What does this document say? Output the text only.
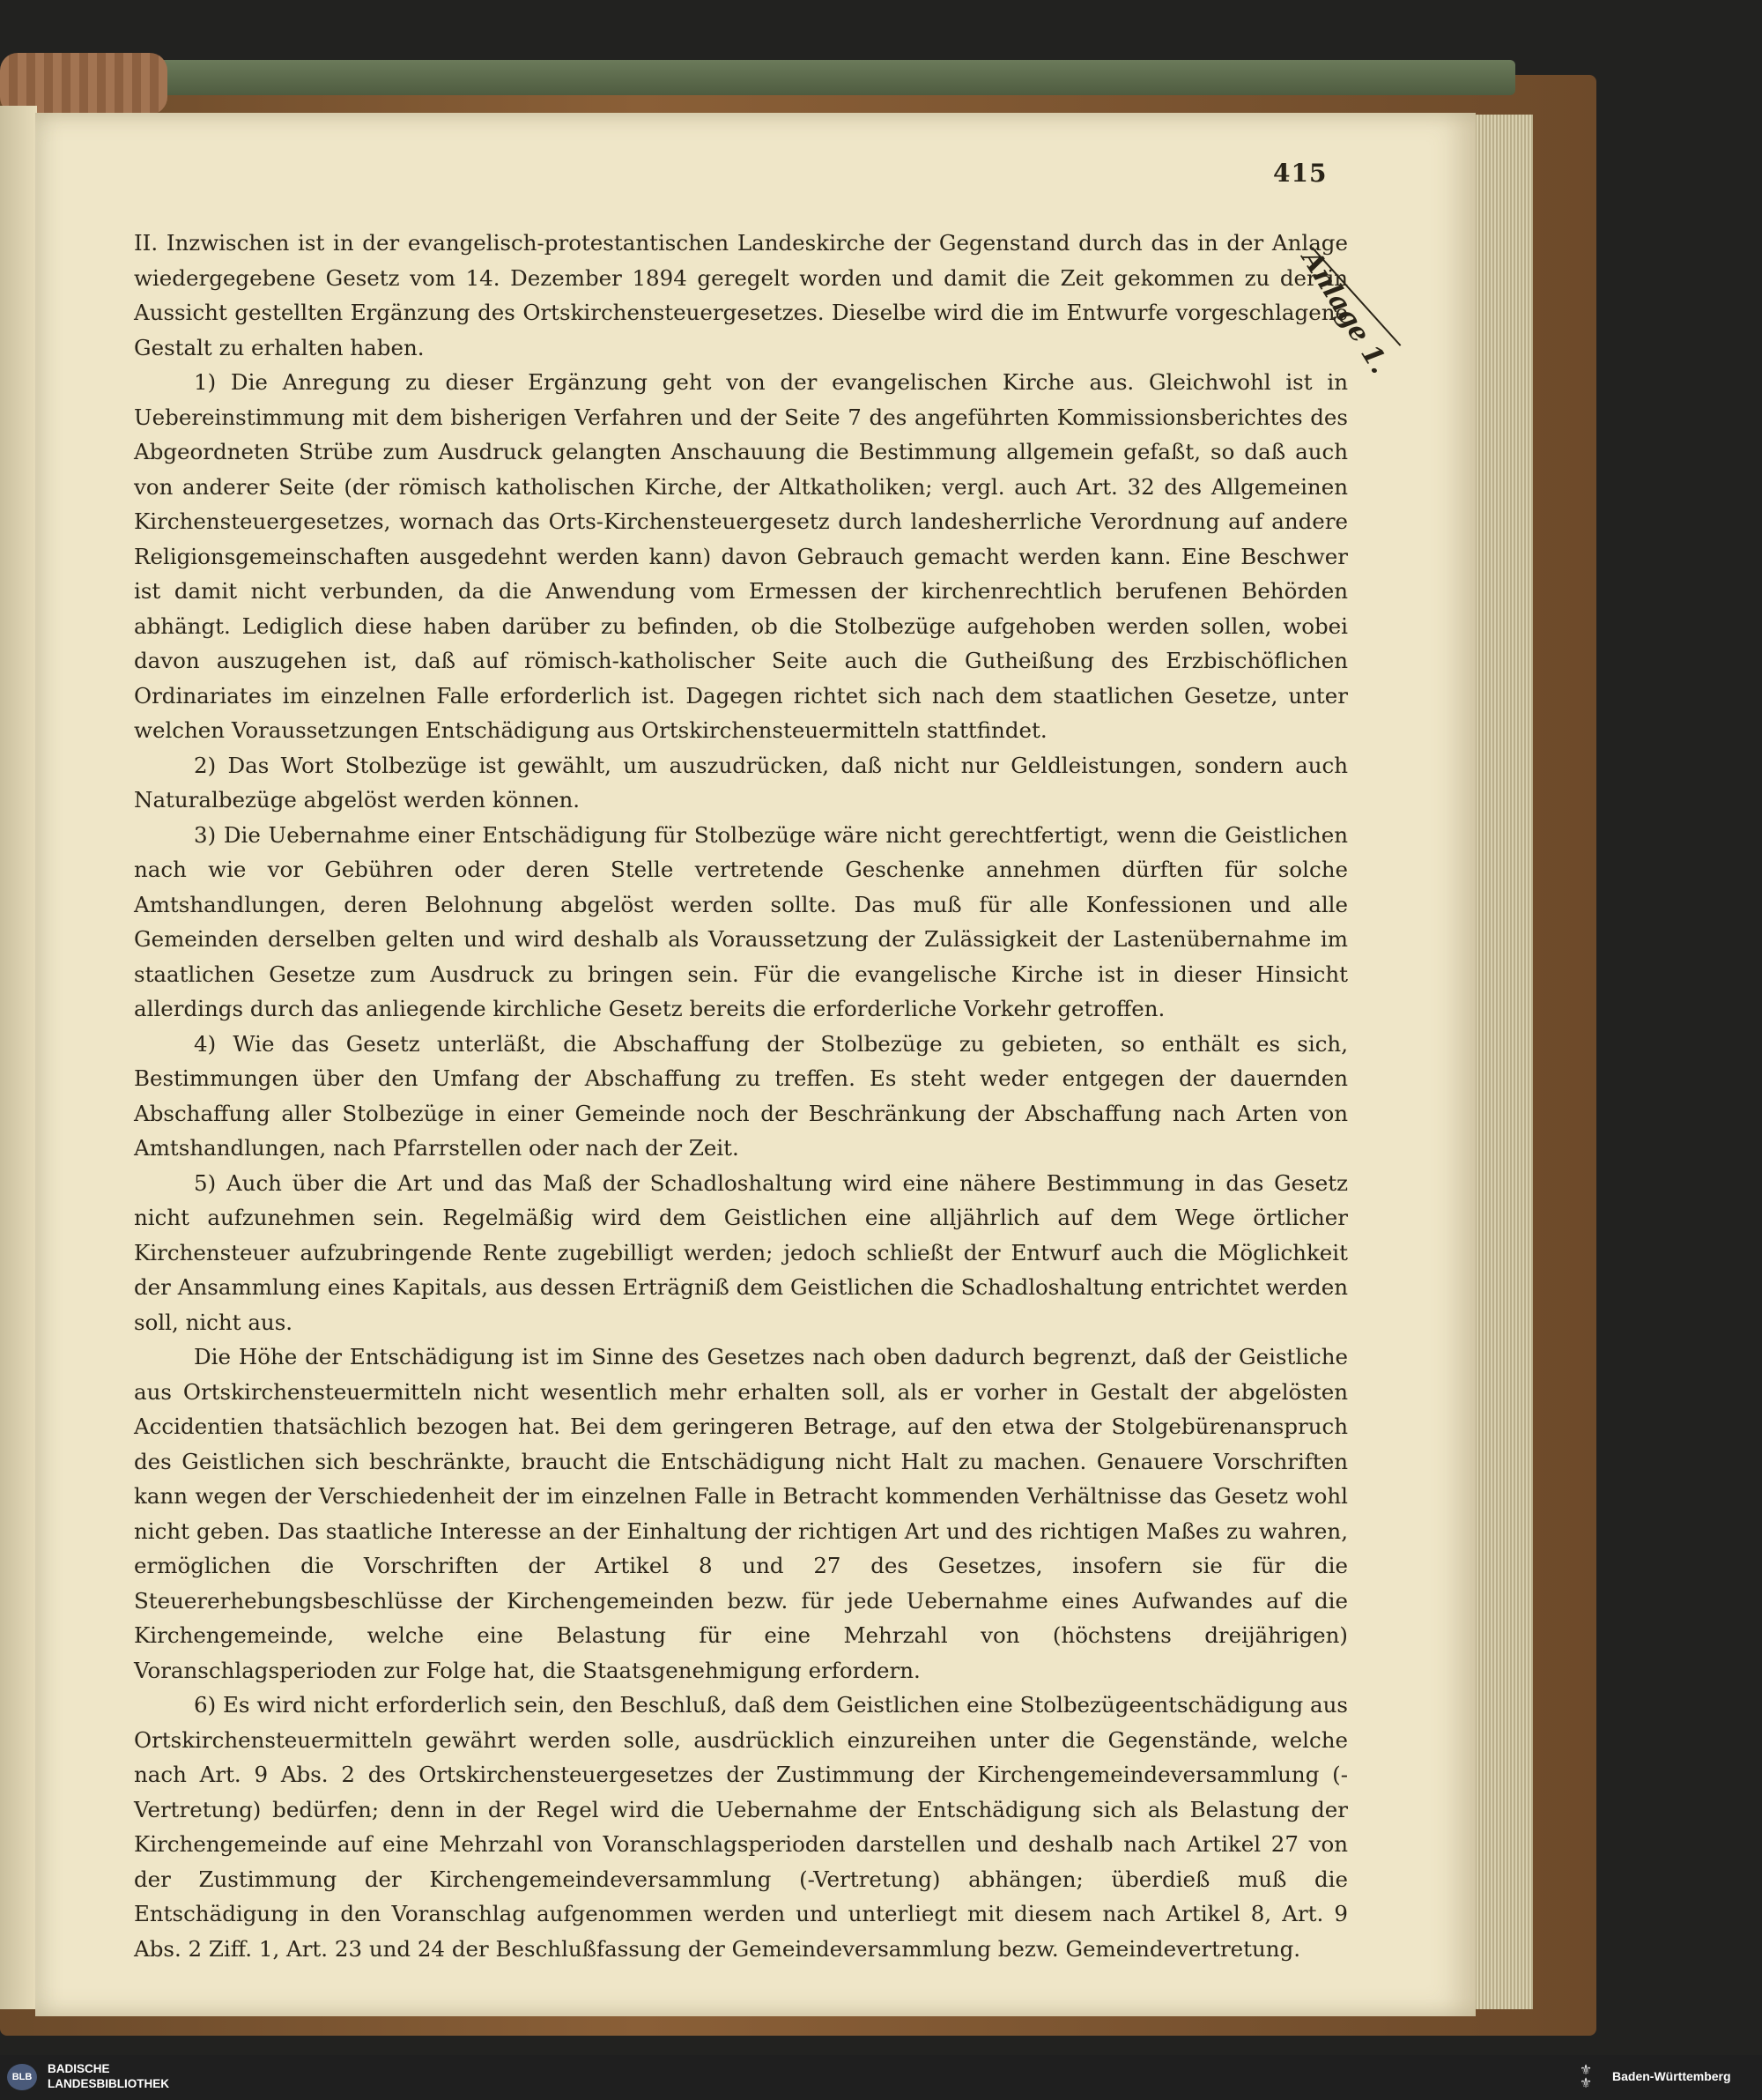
415
Anlage 1.

II. Inzwischen ist in der evangelisch-protestantischen Landeskirche der Gegenstand durch das in der Anlage wiedergegebene Gesetz vom 14. Dezember 1894 geregelt worden und damit die Zeit gekommen zu der in Aussicht gestellten Ergänzung des Ortskirchensteuergesetzes. Dieselbe wird die im Entwurfe vorgeschlagene Gestalt zu erhalten haben.

1) Die Anregung zu dieser Ergänzung geht von der evangelischen Kirche aus. Gleichwohl ist in Uebereinstimmung mit dem bisherigen Verfahren und der Seite 7 des angeführten Kommissionsberichtes des Abgeordneten Strübe zum Ausdruck gelangten Anschauung die Bestimmung allgemein gefaßt, so daß auch von anderer Seite (der römisch katholischen Kirche, der Altkatholiken; vergl. auch Art. 32 des Allgemeinen Kirchensteuergesetzes, wornach das Orts-Kirchensteuergesetz durch landesherrliche Verordnung auf andere Religionsgemeinschaften ausgedehnt werden kann) davon Gebrauch gemacht werden kann. Eine Beschwer ist damit nicht verbunden, da die Anwendung vom Ermessen der kirchenrechtlich berufenen Behörden abhängt. Lediglich diese haben darüber zu befinden, ob die Stolbezüge aufgehoben werden sollen, wobei davon auszugehen ist, daß auf römisch-katholischer Seite auch die Gutheißung des Erzbischöflichen Ordinariates im einzelnen Falle erforderlich ist. Dagegen richtet sich nach dem staatlichen Gesetze, unter welchen Voraussetzungen Entschädigung aus Ortskirchensteuermitteln stattfindet.

2) Das Wort Stolbezüge ist gewählt, um auszudrücken, daß nicht nur Geldleistungen, sondern auch Naturalbezüge abgelöst werden können.

3) Die Uebernahme einer Entschädigung für Stolbezüge wäre nicht gerechtfertigt, wenn die Geistlichen nach wie vor Gebühren oder deren Stelle vertretende Geschenke annehmen dürften für solche Amtshandlungen, deren Belohnung abgelöst werden sollte. Das muß für alle Konfessionen und alle Gemeinden derselben gelten und wird deshalb als Voraussetzung der Zulässigkeit der Lastenübernahme im staatlichen Gesetze zum Ausdruck zu bringen sein. Für die evangelische Kirche ist in dieser Hinsicht allerdings durch das anliegende kirchliche Gesetz bereits die erforderliche Vorkehr getroffen.

4) Wie das Gesetz unterläßt, die Abschaffung der Stolbezüge zu gebieten, so enthält es sich, Bestimmungen über den Umfang der Abschaffung zu treffen. Es steht weder entgegen der dauernden Abschaffung aller Stolbezüge in einer Gemeinde noch der Beschränkung der Abschaffung nach Arten von Amtshandlungen, nach Pfarrstellen oder nach der Zeit.

5) Auch über die Art und das Maß der Schadloshaltung wird eine nähere Bestimmung in das Gesetz nicht aufzunehmen sein. Regelmäßig wird dem Geistlichen eine alljährlich auf dem Wege örtlicher Kirchensteuer aufzubringende Rente zugebilligt werden; jedoch schließt der Entwurf auch die Möglichkeit der Ansammlung eines Kapitals, aus dessen Erträgniß dem Geistlichen die Schadloshaltung entrichtet werden soll, nicht aus.

Die Höhe der Entschädigung ist im Sinne des Gesetzes nach oben dadurch begrenzt, daß der Geistliche aus Ortskirchensteuermitteln nicht wesentlich mehr erhalten soll, als er vorher in Gestalt der abgelösten Accidentien thatsächlich bezogen hat. Bei dem geringeren Betrage, auf den etwa der Stolgebürenanspruch des Geistlichen sich beschränkte, braucht die Entschädigung nicht Halt zu machen. Genauere Vorschriften kann wegen der Verschiedenheit der im einzelnen Falle in Betracht kommenden Verhältnisse das Gesetz wohl nicht geben. Das staatliche Interesse an der Einhaltung der richtigen Art und des richtigen Maßes zu wahren, ermöglichen die Vorschriften der Artikel 8 und 27 des Gesetzes, insofern sie für die Steuererhebungsbeschlüsse der Kirchengemeinden bezw. für jede Uebernahme eines Aufwandes auf die Kirchengemeinde, welche eine Belastung für eine Mehrzahl von (höchstens dreijährigen) Voranschlagsperioden zur Folge hat, die Staatsgenehmigung erfordern.

6) Es wird nicht erforderlich sein, den Beschluß, daß dem Geistlichen eine Stolbezügeentschädigung aus Ortskirchensteuermitteln gewährt werden solle, ausdrücklich einzureihen unter die Gegenstände, welche nach Art. 9 Abs. 2 des Ortskirchensteuergesetzes der Zustimmung der Kirchengemeindeversammlung (-Vertretung) bedürfen; denn in der Regel wird die Uebernahme der Entschädigung sich als Belastung der Kirchengemeinde auf eine Mehrzahl von Voranschlagsperioden darstellen und deshalb nach Artikel 27 von der Zustimmung der Kirchengemeindeversammlung (-Vertretung) abhängen; überdieß muß die Entschädigung in den Voranschlag aufgenommen werden und unterliegt mit diesem nach Artikel 8, Art. 9 Abs. 2 Ziff. 1, Art. 23 und 24 der Beschlußfassung der Gemeindeversammlung bezw. Gemeindevertretung.

BLB
BADISCHE
LANDESBIBLIOTHEK
⚜
⚜	Baden-Württemberg
